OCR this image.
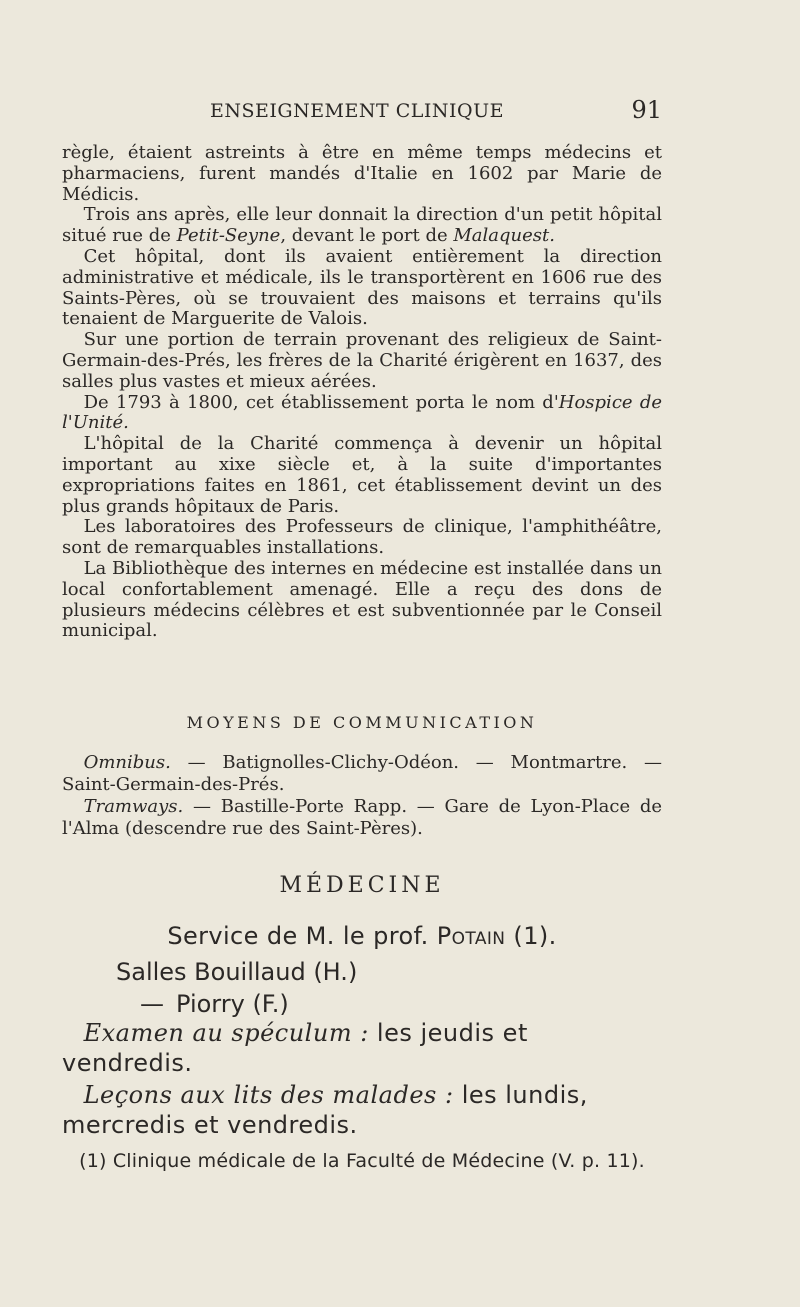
ENSEIGNEMENT CLINIQUE	91

règle, étaient astreints à être en même temps médecins et pharmaciens, furent mandés d'Italie en 1602 par Marie de Médicis.

Trois ans après, elle leur donnait la direction d'un petit hôpital situé rue de Petit-Seyne, devant le port de Malaquest.

Cet hôpital, dont ils avaient entièrement la direction administrative et médicale, ils le transportèrent en 1606 rue des Saints-Pères, où se trouvaient des maisons et terrains qu'ils tenaient de Marguerite de Valois.

Sur une portion de terrain provenant des religieux de Saint-Germain-des-Prés, les frères de la Charité érigèrent en 1637, des salles plus vastes et mieux aérées.

De 1793 à 1800, cet établissement porta le nom d'Hospice de l'Unité.

L'hôpital de la Charité commença à devenir un hôpital important au xixe siècle et, à la suite d'importantes expropriations faites en 1861, cet établissement devint un des plus grands hôpitaux de Paris.

Les laboratoires des Professeurs de clinique, l'amphithéâtre, sont de remarquables installations.

La Bibliothèque des internes en médecine est installée dans un local confortablement amenagé. Elle a reçu des dons de plusieurs médecins célèbres et est subventionnée par le Conseil municipal.

MOYENS DE COMMUNICATION

Omnibus. — Batignolles-Clichy-Odéon. — Montmartre. — Saint-Germain-des-Prés.

Tramways. — Bastille-Porte Rapp. — Gare de Lyon-Place de l'Alma (descendre rue des Saint-Pères).

MÉDECINE
Service de M. le prof. Potain (1).
Salles Bouillaud (H.)
— Piorry (F.)

Examen au spéculum : les jeudis et vendredis.

Leçons aux lits des malades : les lundis, mercredis et vendredis.

(1) Clinique médicale de la Faculté de Médecine (V. p. 11).
